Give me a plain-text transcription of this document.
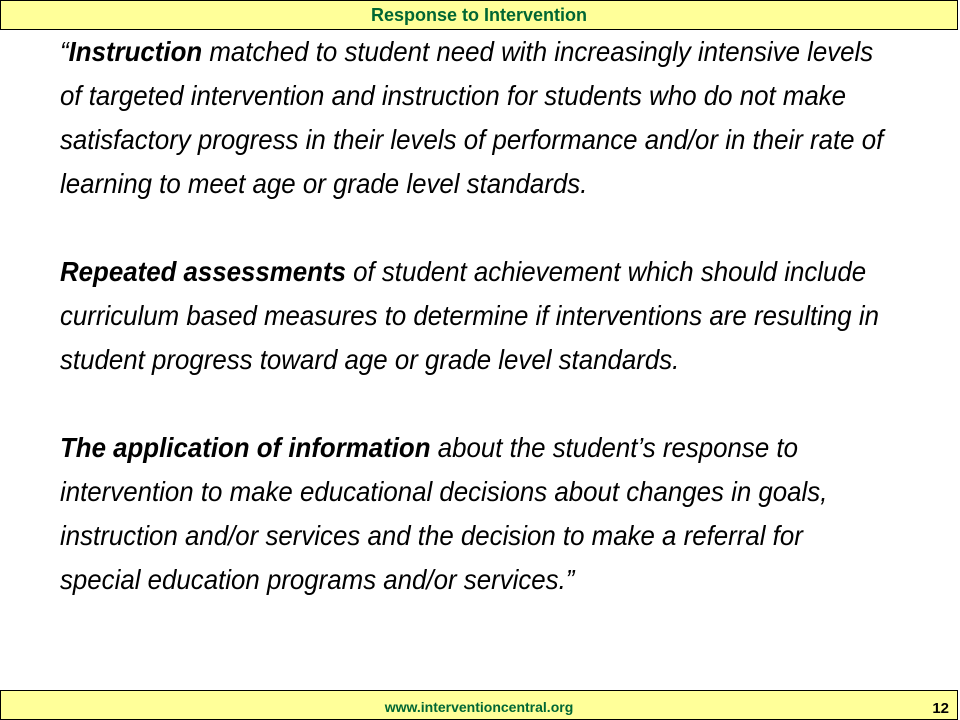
Response to Intervention

“Instruction matched to student need with increasingly intensive levels of targeted intervention and instruction for students who do not make satisfactory progress in their levels of performance and/or in their rate of learning to meet age or grade level standards.

Repeated assessments of student achievement which should include curriculum based measures to determine if interventions are resulting in student progress toward age or grade level standards.

The application of information about the student’s response to intervention to make educational decisions about changes in goals, instruction and/or services and the decision to make a referral for special education programs and/or services.”

www.interventioncentral.org	12
